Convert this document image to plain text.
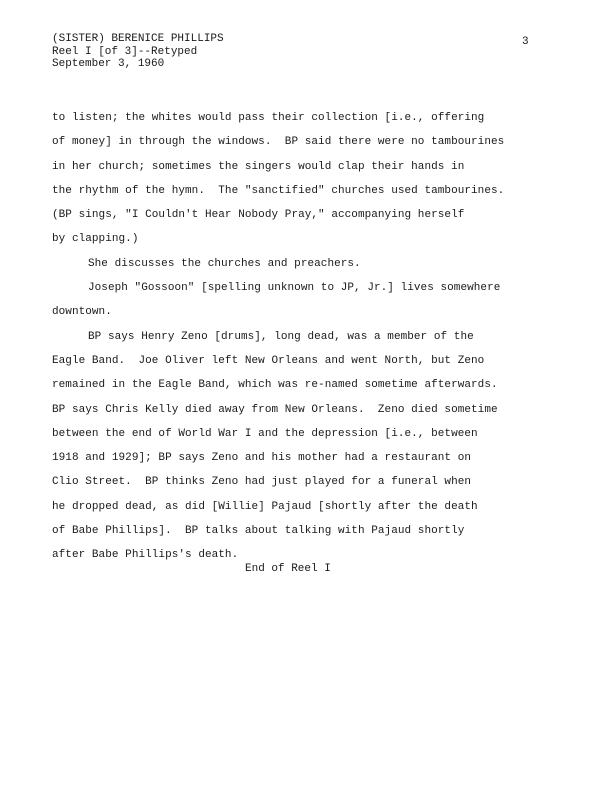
(SISTER) BERENICE PHILLIPS
Reel I [of 3]--Retyped
September 3, 1960
3
to listen; the whites would pass their collection [i.e., offering
of money] in through the windows.  BP said there were no tambourines
in her church; sometimes the singers would clap their hands in
the rhythm of the hymn.  The "sanctified" churches used tambourines.
(BP sings, "I Couldn't Hear Nobody Pray," accompanying herself
by clapping.)
She discusses the churches and preachers.
Joseph "Gossoon" [spelling unknown to JP, Jr.] lives somewhere
downtown.
BP says Henry Zeno [drums], long dead, was a member of the
Eagle Band.  Joe Oliver left New Orleans and went North, but Zeno
remained in the Eagle Band, which was re-named sometime afterwards.
BP says Chris Kelly died away from New Orleans.  Zeno died sometime
between the end of World War I and the depression [i.e., between
1918 and 1929]; BP says Zeno and his mother had a restaurant on
Clio Street.  BP thinks Zeno had just played for a funeral when
he dropped dead, as did [Willie] Pajaud [shortly after the death
of Babe Phillips].  BP talks about talking with Pajaud shortly
after Babe Phillips's death.
End of Reel I
